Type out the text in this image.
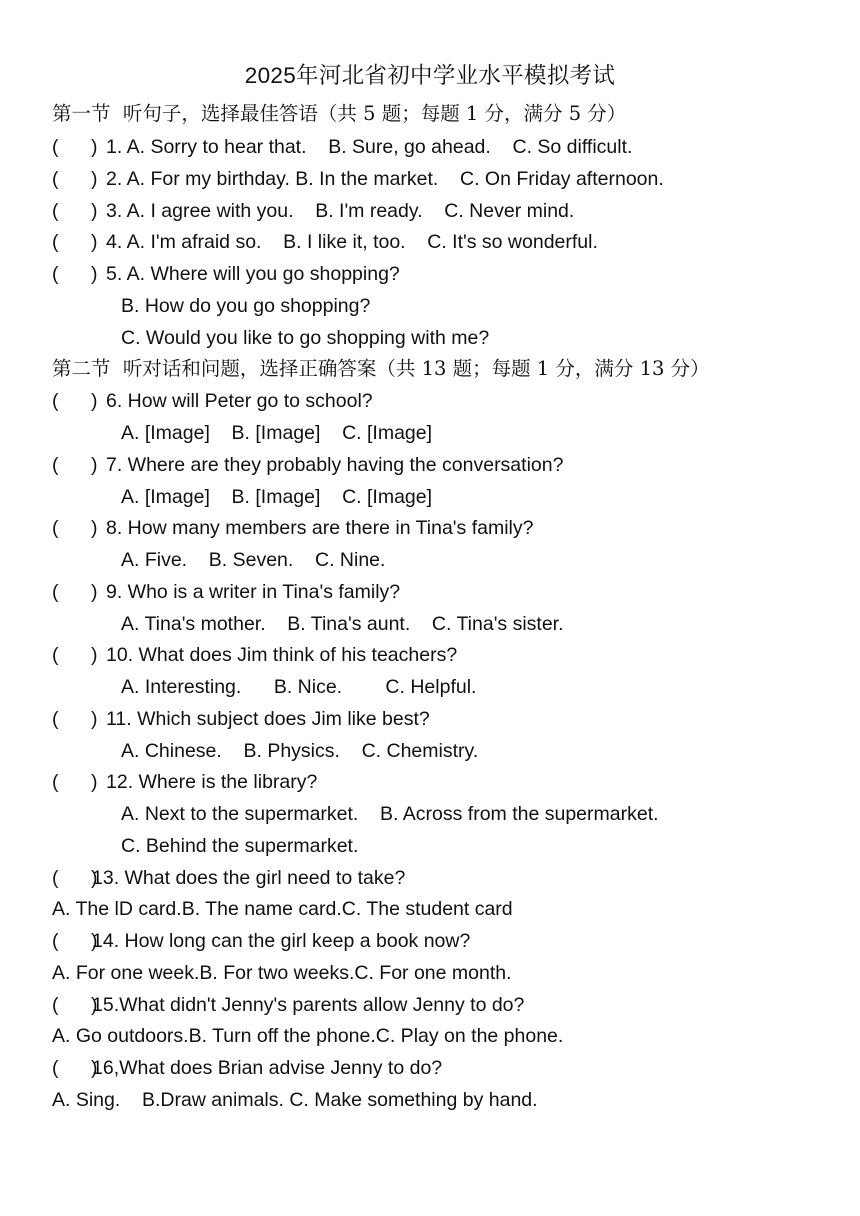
2025年河北省初中学业水平模拟考试
第一节  听句子，选择最佳答语（共 5 题；每题 1 分，满分 5 分）
(      ) 1. A. Sorry to hear that.    B. Sure, go ahead.    C. So difficult.
(      ) 2. A. For my birthday. B. In the market.    C. On Friday afternoon.
(      ) 3. A. I agree with you.    B. I'm ready.    C. Never mind.
(      ) 4. A. I'm afraid so.    B. I like it, too.    C. It's so wonderful.
(      ) 5. A. Where will you go shopping?
B. How do you go shopping?
C. Would you like to go shopping with me?
第二节  听对话和问题，选择正确答案（共 13 题；每题 1 分，满分 13 分）
(      ) 6. How will Peter go to school?
A. [Image]    B. [Image]    C. [Image]
(      ) 7. Where are they probably having the conversation?
A. [Image]    B. [Image]    C. [Image]
(      ) 8. How many members are there in Tina's family?
A. Five.    B. Seven.    C. Nine.
(      ) 9. Who is a writer in Tina's family?
A. Tina's mother.    B. Tina's aunt.    C. Tina's sister.
(      ) 10. What does Jim think of his teachers?
A. Interesting.      B. Nice.        C. Helpful.
(      ) 11. Which subject does Jim like best?
A. Chinese.    B. Physics.    C. Chemistry.
(      ) 12. Where is the library?
A. Next to the supermarket.    B. Across from the supermarket.
C. Behind the supermarket.
(      )13. What does the girl need to take?
A. The lD card.B. The name card.C. The student card
(      )14. How long can the girl keep a book now?
A. For one week.B. For two weeks.C. For one month.
(      )15.What didn't Jenny's parents allow Jenny to do?
A. Go outdoors.B. Turn off the phone.C. Play on the phone.
(      )16,What does Brian advise Jenny to do?
A. Sing.    B.Draw animals. C. Make something by hand.
